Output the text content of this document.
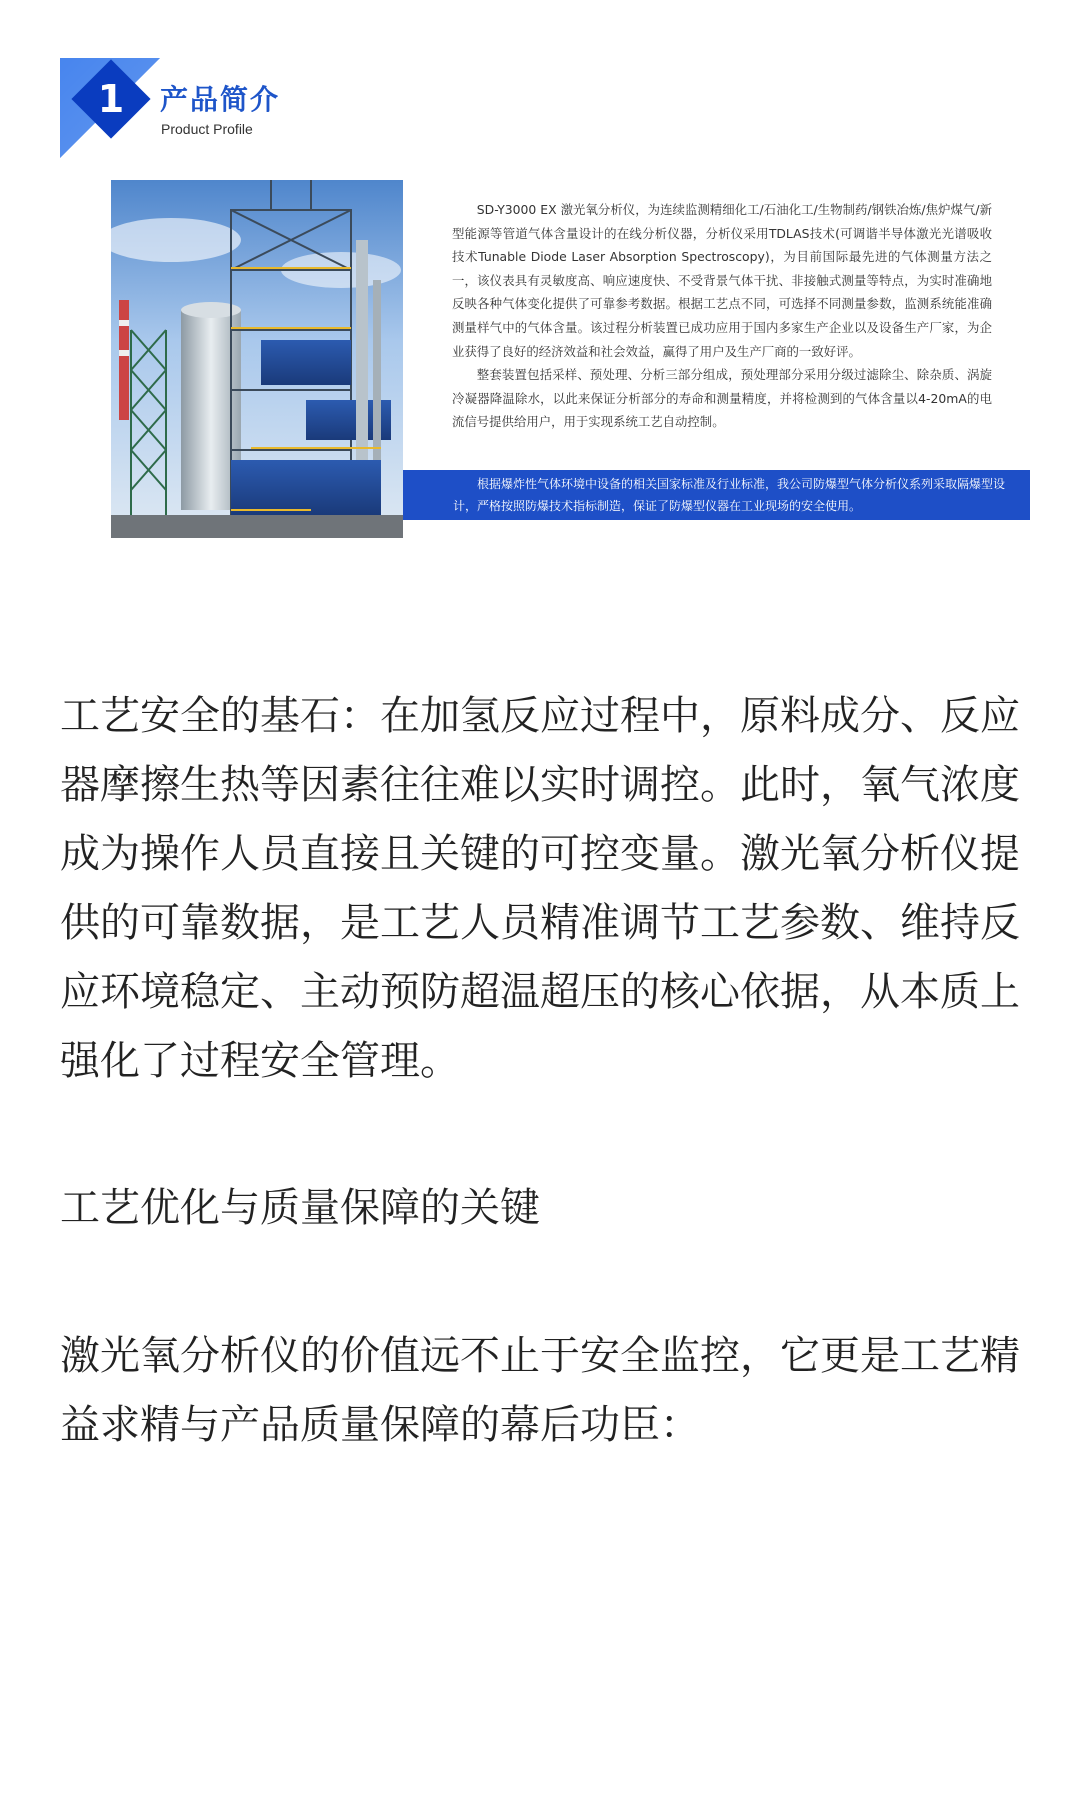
1	产品简介
Product Profile

SD-Y3000 EX 激光氧分析仪，为连续监测精细化工/石油化工/生物制药/钢铁冶炼/焦炉煤气/新型能源等管道气体含量设计的在线分析仪器，分析仪采用TDLAS技术(可调谐半导体激光光谱吸收技术Tunable Diode Laser Absorption Spectroscopy)，为目前国际最先进的气体测量方法之一，该仪表具有灵敏度高、响应速度快、不受背景气体干扰、非接触式测量等特点，为实时准确地反映各种气体变化提供了可靠参考数据。根据工艺点不同，可选择不同测量参数，监测系统能准确测量样气中的气体含量。该过程分析装置已成功应用于国内多家生产企业以及设备生产厂家，为企业获得了良好的经济效益和社会效益，赢得了用户及生产厂商的一致好评。

整套装置包括采样、预处理、分析三部分组成，预处理部分采用分级过滤除尘、除杂质、涡旋冷凝器降温除水，以此来保证分析部分的寿命和测量精度，并将检测到的气体含量以4-20mA的电流信号提供给用户，用于实现系统工艺自动控制。

根据爆炸性气体环境中设备的相关国家标准及行业标准，我公司防爆型气体分析仪系列采取隔爆型设计，严格按照防爆技术指标制造，保证了防爆型仪器在工业现场的安全使用。

工艺安全的基石：在加氢反应过程中，原料成分、反应器摩擦生热等因素往往难以实时调控。此时，氧气浓度成为操作人员直接且关键的可控变量。激光氧分析仪提供的可靠数据，是工艺人员精准调节工艺参数、维持反应环境稳定、主动预防超温超压的核心依据，从本质上强化了过程安全管理。

工艺优化与质量保障的关键

激光氧分析仪的价值远不止于安全监控，它更是工艺精益求精与产品质量保障的幕后功臣：
